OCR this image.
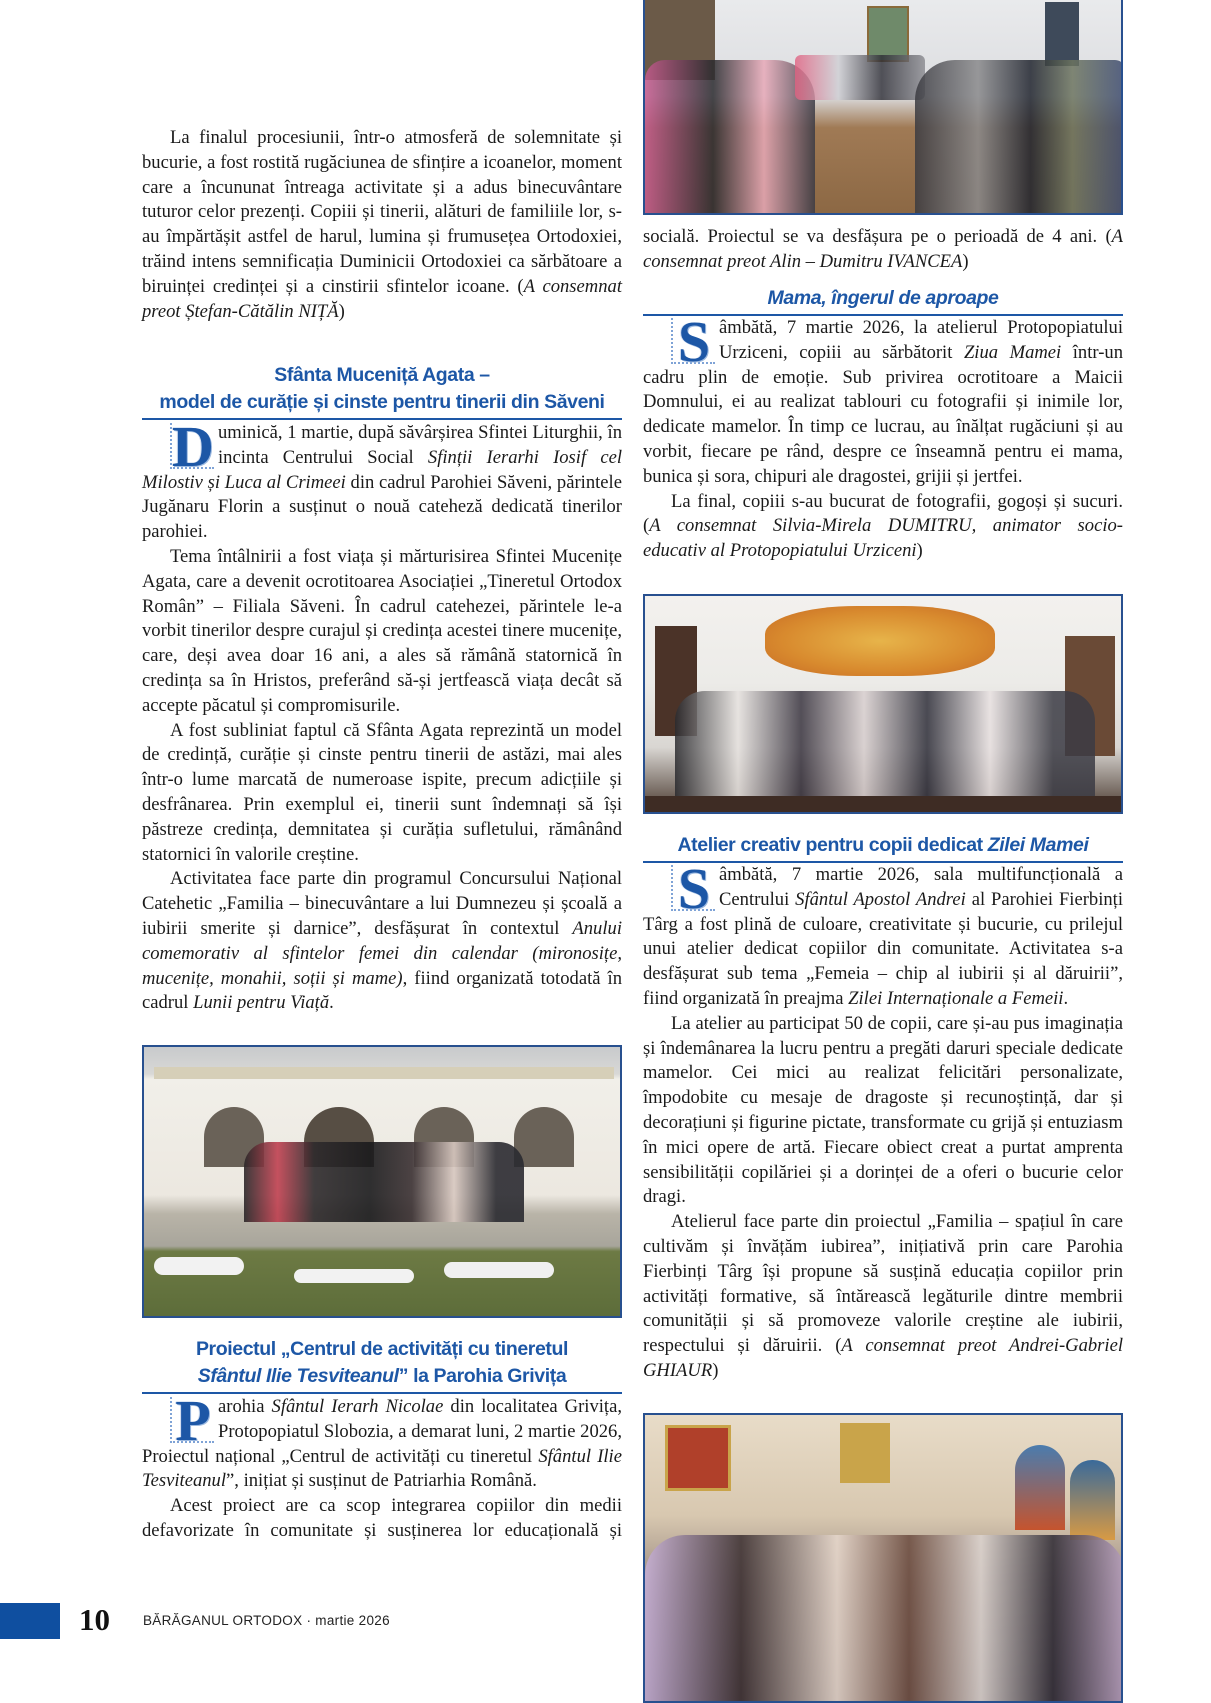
socială. Proiectul se va desfășura pe o perioadă de 4 ani. (A consemnat preot Alin – Dumitru IVANCEA)

Mama, îngerul de aproape

S âmbătă, 7 martie 2026, la atelierul Protopopiatului Urziceni, copiii au sărbătorit Ziua Mamei într-un cadru plin de emoție. Sub privirea ocrotitoare a Maicii Domnului, ei au realizat tablouri cu fotografii și inimile lor, dedicate mamelor. În timp ce lucrau, au înălțat rugăciuni și au vorbit, fiecare pe rând, despre ce înseamnă pentru ei mama, bunica și sora, chipuri ale dragostei, grijii și jertfei.

La final, copiii s-au bucurat de fotografii, gogoși și sucuri. (A consemnat Silvia-Mirela DUMITRU, animator socio-educativ al Protopopiatului Urziceni)

Atelier creativ pentru copii dedicat Zilei Mamei

S âmbătă, 7 martie 2026, sala multifuncțională a Centrului Sfântul Apostol Andrei al Parohiei Fierbinți Târg a fost plină de culoare, creativitate și bucurie, cu prilejul unui atelier dedicat copiilor din comunitate. Activitatea s-a desfășurat sub tema „Femeia – chip al iubirii și al dăruirii”, fiind organizată în preajma Zilei Internaționale a Femeii.

La atelier au participat 50 de copii, care și-au pus imaginația și îndemânarea la lucru pentru a pregăti daruri speciale dedicate mamelor. Cei mici au realizat felicitări personalizate, împodobite cu mesaje de dragoste și recunoștință, dar și decorațiuni și figurine pictate, transformate cu grijă și entuziasm în mici opere de artă. Fiecare obiect creat a purtat amprenta sensibilității copilăriei și a dorinței de a oferi o bucurie celor dragi.

Atelierul face parte din proiectul „Familia – spațiul în care cultivăm și învățăm iubirea”, inițiativă prin care Parohia Fierbinți Târg își propune să susțină educația copiilor prin activități formative, să întărească legăturile dintre membrii comunității și să promoveze valorile creștine ale iubirii, respectului și dăruirii. (A consemnat preot Andrei-Gabriel GHIAUR)

La finalul procesiunii, într-o atmosferă de solemnitate și bucurie, a fost rostită rugăciunea de sfințire a icoanelor, moment care a încununat întreaga activitate și a adus binecuvântare tuturor celor prezenți. Copiii și tinerii, alături de familiile lor, s-au împărtășit astfel de harul, lumina și frumusețea Ortodoxiei, trăind intens semnificația Duminicii Ortodoxiei ca sărbătoare a biruinței credinței și a cinstirii sfintelor icoane. (A consemnat preot Ștefan-Cătălin NIȚĂ)

Sfânta Muceniță Agata –
model de curăție și cinste pentru tinerii din Săveni

D uminică, 1 martie, după săvârșirea Sfintei Liturghii, în incinta Centrului Social Sfinții Ierarhi Iosif cel Milostiv și Luca al Crimeei din cadrul Parohiei Săveni, părintele Jugănaru Florin a susținut o nouă cateheză dedicată tinerilor parohiei.

Tema întâlnirii a fost viața și mărturisirea Sfintei Mucenițe Agata, care a devenit ocrotitoarea Asociației „Tineretul Ortodox Român” – Filiala Săveni. În cadrul catehezei, părintele le-a vorbit tinerilor despre curajul și credința acestei tinere mucenițe, care, deși avea doar 16 ani, a ales să rămână statornică în credința sa în Hristos, preferând să-și jertfească viața decât să accepte păcatul și compromisurile.

A fost subliniat faptul că Sfânta Agata reprezintă un model de credință, curăție și cinste pentru tinerii de astăzi, mai ales într-o lume marcată de numeroase ispite, precum adicțiile și desfrânarea. Prin exemplul ei, tinerii sunt îndemnați să își păstreze credința, demnitatea și curăția sufletului, rămânând statornici în valorile creștine.

Activitatea face parte din programul Concursului Național Catehetic „Familia – binecuvântare a lui Dumnezeu și școală a iubirii smerite și darnice”, desfășurat în contextul Anului comemorativ al sfintelor femei din calendar (mironosițe, mucenițe, monahii, soții și mame), fiind organizată totodată în cadrul Lunii pentru Viață.

Proiectul „Centrul de activități cu tineretul
Sfântul Ilie Tesviteanul” la Parohia Grivița

P arohia Sfântul Ierarh Nicolae din localitatea Grivița, Protopopiatul Slobozia, a demarat luni, 2 martie 2026, Proiectul național „Centrul de activități cu tineretul Sfântul Ilie Tesviteanul”, inițiat și susținut de Patriarhia Română.

Acest proiect are ca scop integrarea copiilor din medii defavorizate în comunitate și susținerea lor educațională și

10 BĂRĂGANUL ORTODOX · martie 2026
